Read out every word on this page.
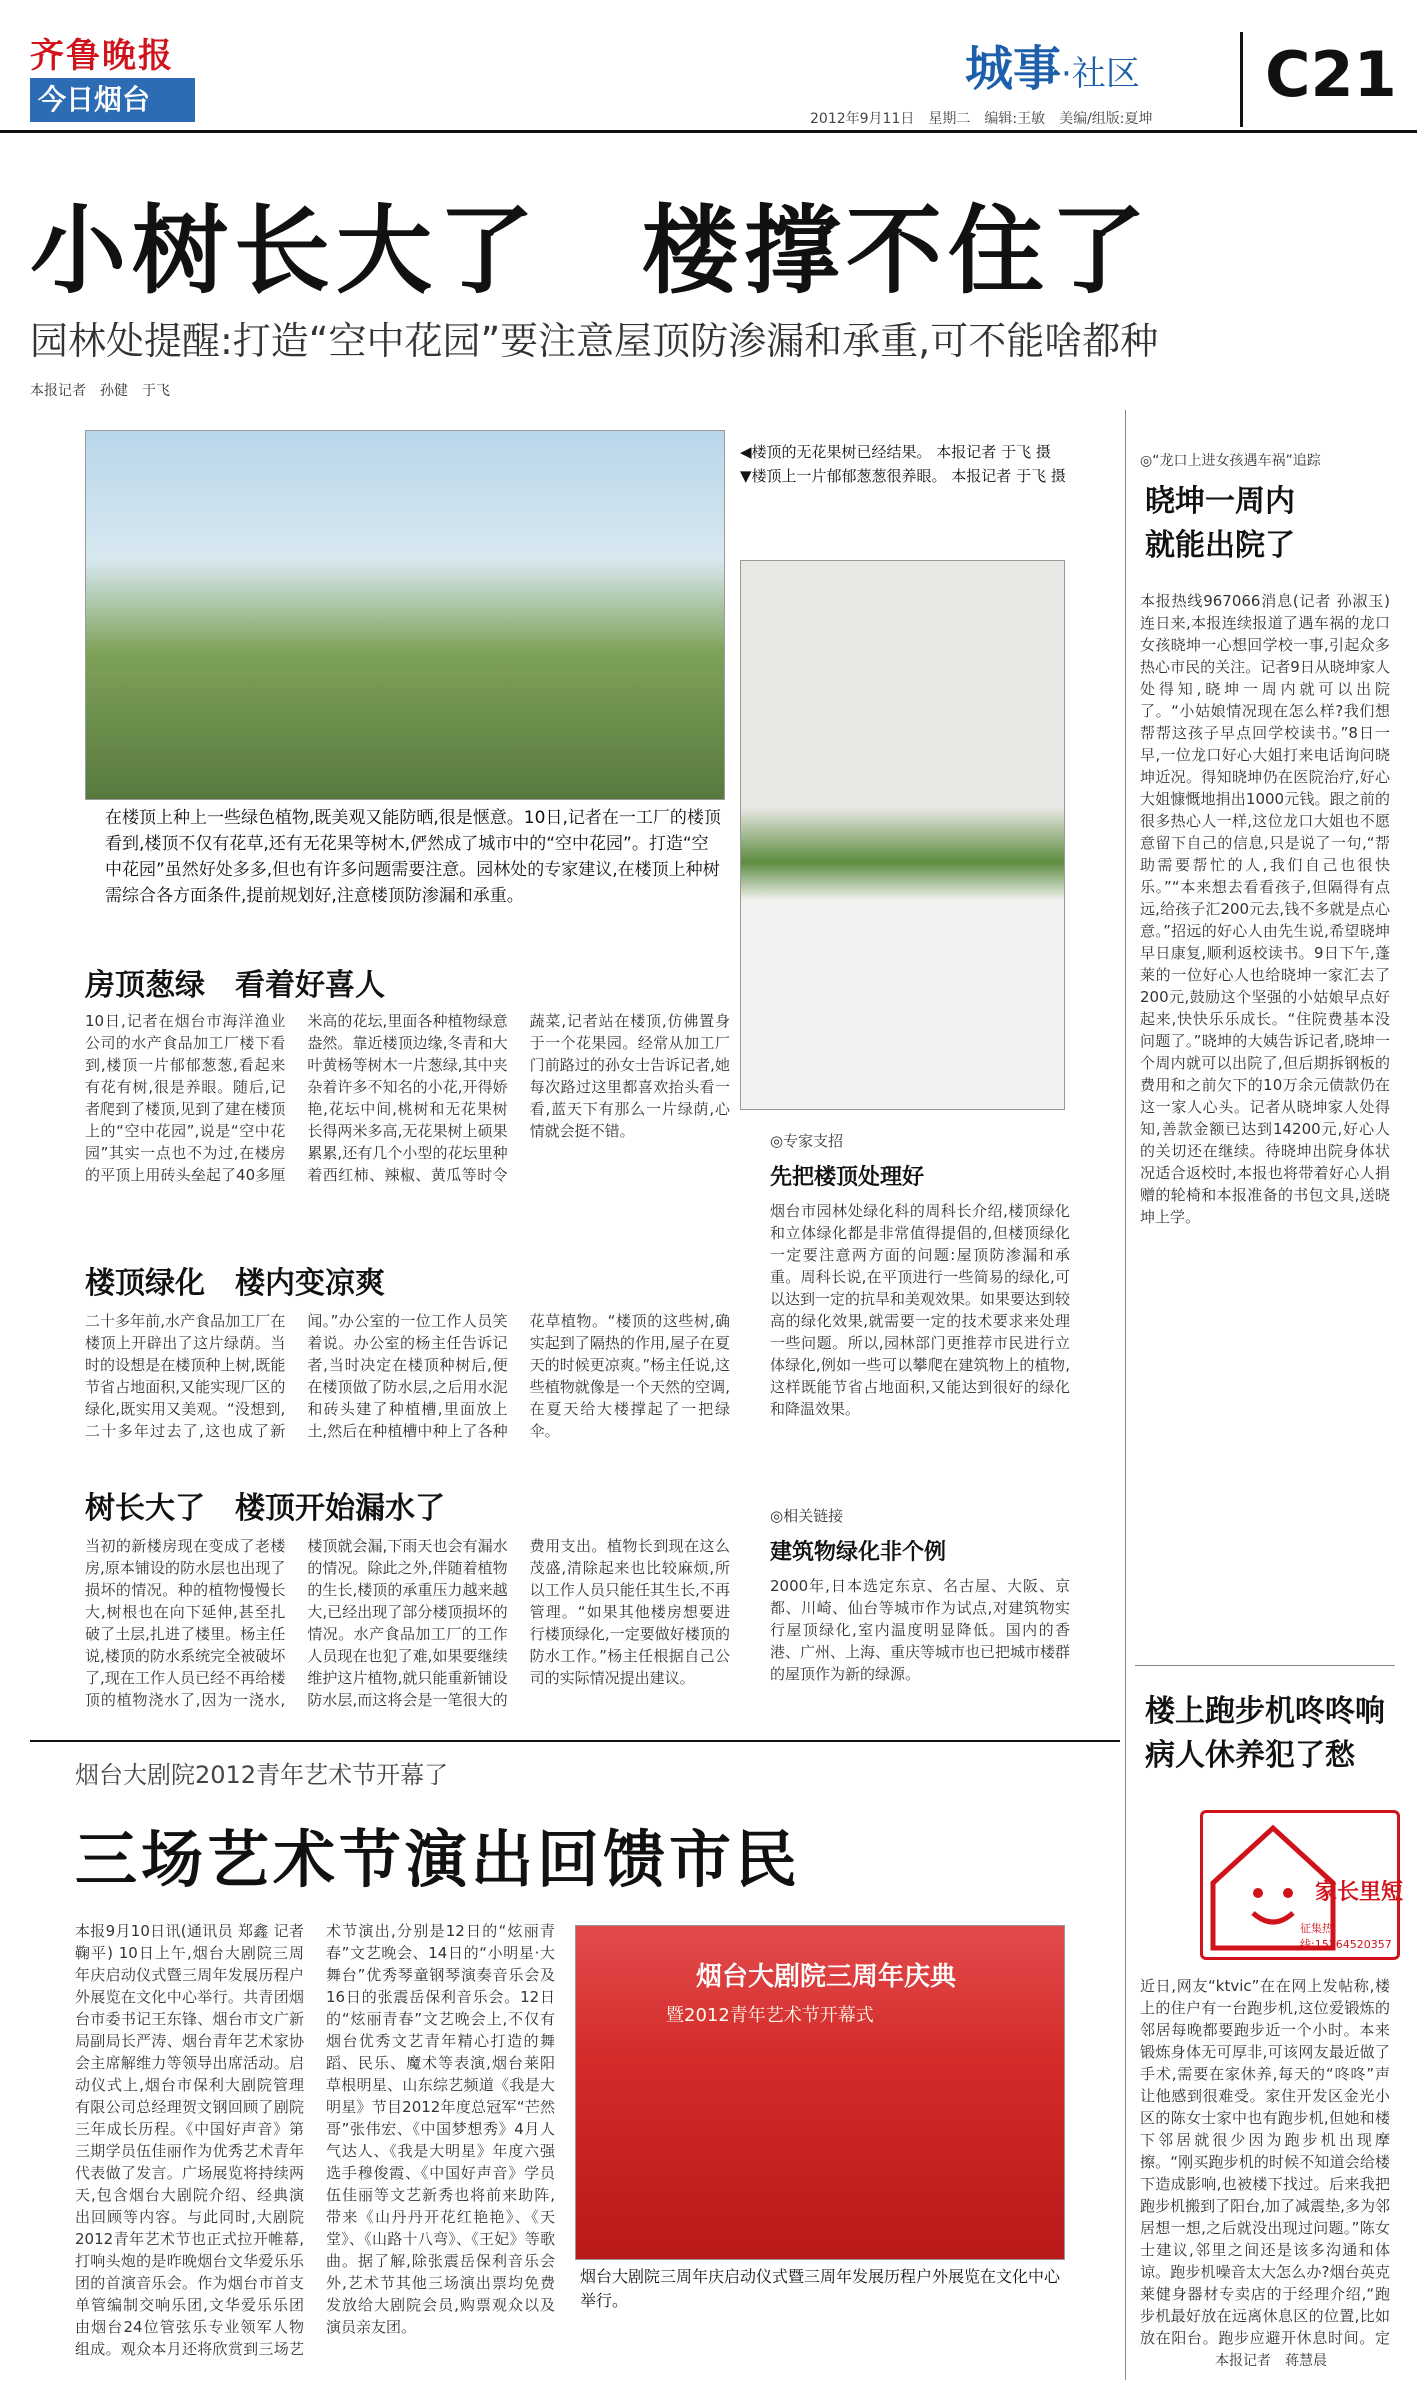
齐鲁晚报
今日烟台
城事·社区 C21
2012年9月11日　星期二　编辑:王敏　美编/组版:夏坤
小树长大了　楼撑不住了
园林处提醒:打造“空中花园”要注意屋顶防渗漏和承重,可不能啥都种
本报记者　孙健　于飞
在楼顶上种上一些绿色植物,既美观又能防晒,很是惬意。10日,记者在一工厂的楼顶看到,楼顶不仅有花草,还有无花果等树木,俨然成了城市中的“空中花园”。打造“空中花园”虽然好处多多,但也有许多问题需要注意。园林处的专家建议,在楼顶上种树需综合各方面条件,提前规划好,注意楼顶防渗漏和承重。
◀楼顶的无花果树已经结果。 本报记者 于飞 摄
▼楼顶上一片郁郁葱葱很养眼。 本报记者 于飞 摄
房顶葱绿　看着好喜人
10日,记者在烟台市海洋渔业公司的水产食品加工厂楼下看到,楼顶一片郁郁葱葱,看起来有花有树,很是养眼。随后,记者爬到了楼顶,见到了建在楼顶上的“空中花园”,说是“空中花园”其实一点也不为过,在楼房的平顶上用砖头垒起了40多厘米高的花坛,里面各种植物绿意盎然。靠近楼顶边缘,冬青和大叶黄杨等树木一片葱绿,其中夹杂着许多不知名的小花,开得娇艳,花坛中间,桃树和无花果树长得两米多高,无花果树上硕果累累,还有几个小型的花坛里种着西红柿、辣椒、黄瓜等时令蔬菜,记者站在楼顶,仿佛置身于一个花果园。经常从加工厂门前路过的孙女士告诉记者,她每次路过这里都喜欢抬头看一看,蓝天下有那么一片绿荫,心情就会挺不错。
楼顶绿化　楼内变凉爽
二十多年前,水产食品加工厂在楼顶上开辟出了这片绿荫。当时的设想是在楼顶种上树,既能节省占地面积,又能实现厂区的绿化,既实用又美观。“没想到,二十多年过去了,这也成了新闻。”办公室的一位工作人员笑着说。办公室的杨主任告诉记者,当时决定在楼顶种树后,便在楼顶做了防水层,之后用水泥和砖头建了种植槽,里面放上土,然后在种植槽中种上了各种花草植物。“楼顶的这些树,确实起到了隔热的作用,屋子在夏天的时候更凉爽。”杨主任说,这些植物就像是一个天然的空调,在夏天给大楼撑起了一把绿伞。
树长大了　楼顶开始漏水了
当初的新楼房现在变成了老楼房,原本铺设的防水层也出现了损坏的情况。种的植物慢慢长大,树根也在向下延伸,甚至扎破了土层,扎进了楼里。杨主任说,楼顶的防水系统完全被破坏了,现在工作人员已经不再给楼顶的植物浇水了,因为一浇水,楼顶就会漏,下雨天也会有漏水的情况。除此之外,伴随着植物的生长,楼顶的承重压力越来越大,已经出现了部分楼顶损坏的情况。水产食品加工厂的工作人员现在也犯了难,如果要继续维护这片植物,就只能重新铺设防水层,而这将会是一笔很大的费用支出。植物长到现在这么茂盛,清除起来也比较麻烦,所以工作人员只能任其生长,不再管理。“如果其他楼房想要进行楼顶绿化,一定要做好楼顶的防水工作。”杨主任根据自己公司的实际情况提出建议。
◎专家支招
先把楼顶处理好
烟台市园林处绿化科的周科长介绍,楼顶绿化和立体绿化都是非常值得提倡的,但楼顶绿化一定要注意两方面的问题:屋顶防渗漏和承重。周科长说,在平顶进行一些简易的绿化,可以达到一定的抗旱和美观效果。如果要达到较高的绿化效果,就需要一定的技术要求来处理一些问题。所以,园林部门更推荐市民进行立体绿化,例如一些可以攀爬在建筑物上的植物,这样既能节省占地面积,又能达到很好的绿化和降温效果。
◎相关链接
建筑物绿化非个例
2000年,日本选定东京、名古屋、大阪、京都、川崎、仙台等城市作为试点,对建筑物实行屋顶绿化,室内温度明显降低。国内的香港、广州、上海、重庆等城市也已把城市楼群的屋顶作为新的绿源。
◎“龙口上进女孩遇车祸”追踪
晓坤一周内
就能出院了
本报热线967066消息(记者 孙淑玉) 连日来,本报连续报道了遇车祸的龙口女孩晓坤一心想回学校一事,引起众多热心市民的关注。记者9日从晓坤家人处得知,晓坤一周内就可以出院了。“小姑娘情况现在怎么样?我们想帮帮这孩子早点回学校读书。”8日一早,一位龙口好心大姐打来电话询问晓坤近况。得知晓坤仍在医院治疗,好心大姐慷慨地捐出1000元钱。跟之前的很多热心人一样,这位龙口大姐也不愿意留下自己的信息,只是说了一句,“帮助需要帮忙的人,我们自己也很快乐。”“本来想去看看孩子,但隔得有点远,给孩子汇200元去,钱不多就是点心意。”招远的好心人由先生说,希望晓坤早日康复,顺利返校读书。9日下午,蓬莱的一位好心人也给晓坤一家汇去了200元,鼓励这个坚强的小姑娘早点好起来,快快乐乐成长。“住院费基本没问题了。”晓坤的大姨告诉记者,晓坤一个周内就可以出院了,但后期拆钢板的费用和之前欠下的10万余元债款仍在这一家人心头。记者从晓坤家人处得知,善款金额已达到14200元,好心人的关切还在继续。待晓坤出院身体状况适合返校时,本报也将带着好心人捐赠的轮椅和本报准备的书包文具,送晓坤上学。
楼上跑步机咚咚响
病人休养犯了愁
家长里短
征集热线:15264520357
近日,网友“ktvic”在在网上发帖称,楼上的住户有一台跑步机,这位爱锻炼的邻居每晚都要跑步近一个小时。本来锻炼身体无可厚非,可该网友最近做了手术,需要在家休养,每天的“咚咚”声让他感到很难受。家住开发区金光小区的陈女士家中也有跑步机,但她和楼下邻居就很少因为跑步机出现摩擦。“刚买跑步机的时候不知道会给楼下造成影响,也被楼下找过。后来我把跑步机搬到了阳台,加了减震垫,多为邻居想一想,之后就没出现过问题。”陈女士建议,邻里之间还是该多沟通和体谅。跑步机噪音太大怎么办?烟台英克莱健身器材专卖店的于经理介绍,“跑步机最好放在远离休息区的位置,比如放在阳台。跑步应避开休息时间。定
本报记者　蒋慧晨
烟台大剧院2012青年艺术节开幕了
三场艺术节演出回馈市民
本报9月10日讯(通讯员 郑鑫 记者 鞠平) 10日上午,烟台大剧院三周年庆启动仪式暨三周年发展历程户外展览在文化中心举行。共青团烟台市委书记王东锋、烟台市文广新局副局长严涛、烟台青年艺术家协会主席解维力等领导出席活动。启动仪式上,烟台市保利大剧院管理有限公司总经理贺文钢回顾了剧院三年成长历程。《中国好声音》第三期学员伍佳丽作为优秀艺术青年代表做了发言。广场展览将持续两天,包含烟台大剧院介绍、经典演出回顾等内容。与此同时,大剧院2012青年艺术节也正式拉开帷幕,打响头炮的是昨晚烟台文华爱乐乐团的首演音乐会。作为烟台市首支单管编制交响乐团,文华爱乐乐团由烟台24位管弦乐专业领军人物组成。观众本月还将欣赏到三场艺术节演出,分别是12日的“炫丽青春”文艺晚会、14日的“小明星·大舞台”优秀琴童钢琴演奏音乐会及16日的张震岳保利音乐会。12日的“炫丽青春”文艺晚会上,不仅有烟台优秀文艺青年精心打造的舞蹈、民乐、魔术等表演,烟台莱阳草根明星、山东综艺频道《我是大明星》节目2012年度总冠军“芒然哥”张伟宏、《中国梦想秀》4月人气达人、《我是大明星》年度六强选手穆俊霞、《中国好声音》学员伍佳丽等文艺新秀也将前来助阵,带来《山丹丹开花红艳艳》、《天堂》、《山路十八弯》、《王妃》等歌曲。据了解,除张震岳保利音乐会外,艺术节其他三场演出票均免费发放给大剧院会员,购票观众以及演员亲友团。
烟台大剧院三周年庆典
暨2012青年艺术节开幕式
烟台大剧院三周年庆启动仪式暨三周年发展历程户外展览在文化中心举行。
